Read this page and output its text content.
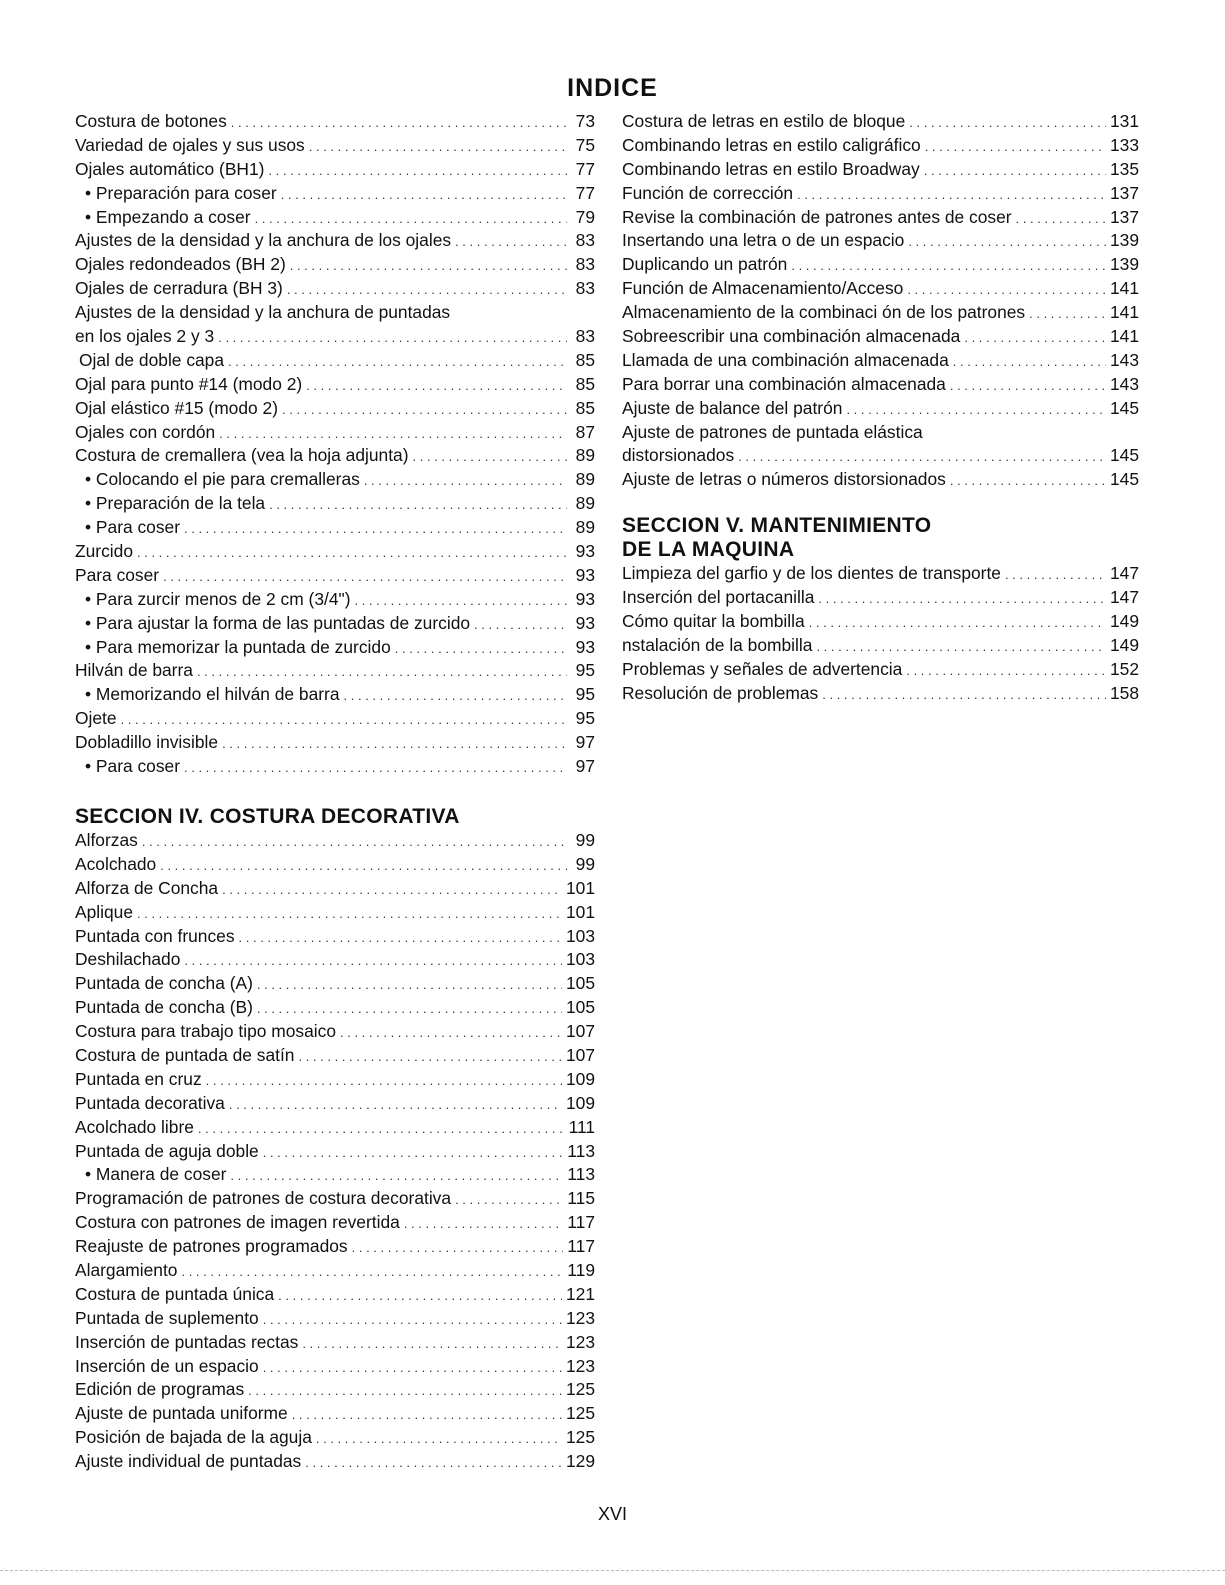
INDICE
Costura de botones . . .	73
Variedad de ojales y sus usos . . .	75
Ojales automático (BH1) . . .	77
• Preparación para coser . . .	77
• Empezando a coser . . .	79
Ajustes de la densidad y la anchura de los ojales . . .	83
Ojales redondeados (BH 2) . . .	83
Ojales de cerradura (BH 3) . . .	83
Ajustes de la densidad y la anchura de puntadas
en los ojales 2 y 3 . . .	83
Ojal de doble capa . . .	85
Ojal para punto #14 (modo 2) . . .	85
Ojal elástico #15 (modo 2) . . .	85
Ojales con cordón . . .	87
Costura de cremallera (vea la hoja adjunta) . . .	89
• Colocando el pie para cremalleras . . .	89
• Preparación de la tela . . .	89
• Para coser . . .	89
Zurcido . . .	93
Para coser . . .	93
• Para zurcir menos de 2 cm (3/4") . . .	93
• Para ajustar la forma de las puntadas de zurcido . . .	93
• Para memorizar la puntada de zurcido . . .	93
Hilván de barra . . .	95
• Memorizando el hilván de barra . . .	95
Ojete . . .	95
Dobladillo invisible . . .	97
• Para coser . . .	97
SECCION IV. COSTURA DECORATIVA
Alforzas . . .	99
Acolchado . . .	99
Alforza de Concha . . .	101
Aplique . . .	101
Puntada con frunces . . .	103
Deshilachado . . .	103
Puntada de concha (A) . . .	105
Puntada de concha (B) . . .	105
Costura para trabajo tipo mosaico . . .	107
Costura de puntada de satín . . .	107
Puntada en cruz . . .	109
Puntada decorativa . . .	109
Acolchado libre . . .	111
Puntada de aguja doble . . .	113
• Manera de coser . . .	113
Programación de patrones de costura decorativa . . .	115
Costura con patrones de imagen revertida . . .	117
Reajuste de patrones programados . . .	117
Alargamiento . . .	119
Costura de puntada única . . .	121
Puntada de suplemento . . .	123
Inserción de puntadas rectas . . .	123
Inserción de un espacio . . .	123
Edición de programas . . .	125
Ajuste de puntada uniforme . . .	125
Posición de bajada de la aguja . . .	125
Ajuste individual de puntadas . . .	129
Costura de letras en estilo de bloque . . .	131
Combinando letras en estilo caligráfico . . .	133
Combinando letras en estilo Broadway . . .	135
Función de corrección . . .	137
Revise la combinación de patrones antes de coser . . .	137
Insertando una letra o de un espacio . . .	139
Duplicando un patrón . . .	139
Función de Almacenamiento/Acceso . . .	141
Almacenamiento de la combinaci ón de los patrones . . .	141
Sobreescribir una combinación almacenada . . .	141
Llamada de una combinación almacenada . . .	143
Para borrar una combinación almacenada . . .	143
Ajuste de balance del patrón . . .	145
Ajuste de patrones de puntada elástica
distorsionados . . .	145
Ajuste de letras o números distorsionados . . .	145
SECCION V. MANTENIMIENTO
DE LA MAQUINA
Limpieza del garfio y de los dientes de transporte . . .	147
Inserción del portacanilla . . .	147
Cómo quitar la bombilla . . .	149
nstalación de la bombilla . . .	149
Problemas y señales de advertencia . . .	152
Resolución de problemas . . .	158
XVI
